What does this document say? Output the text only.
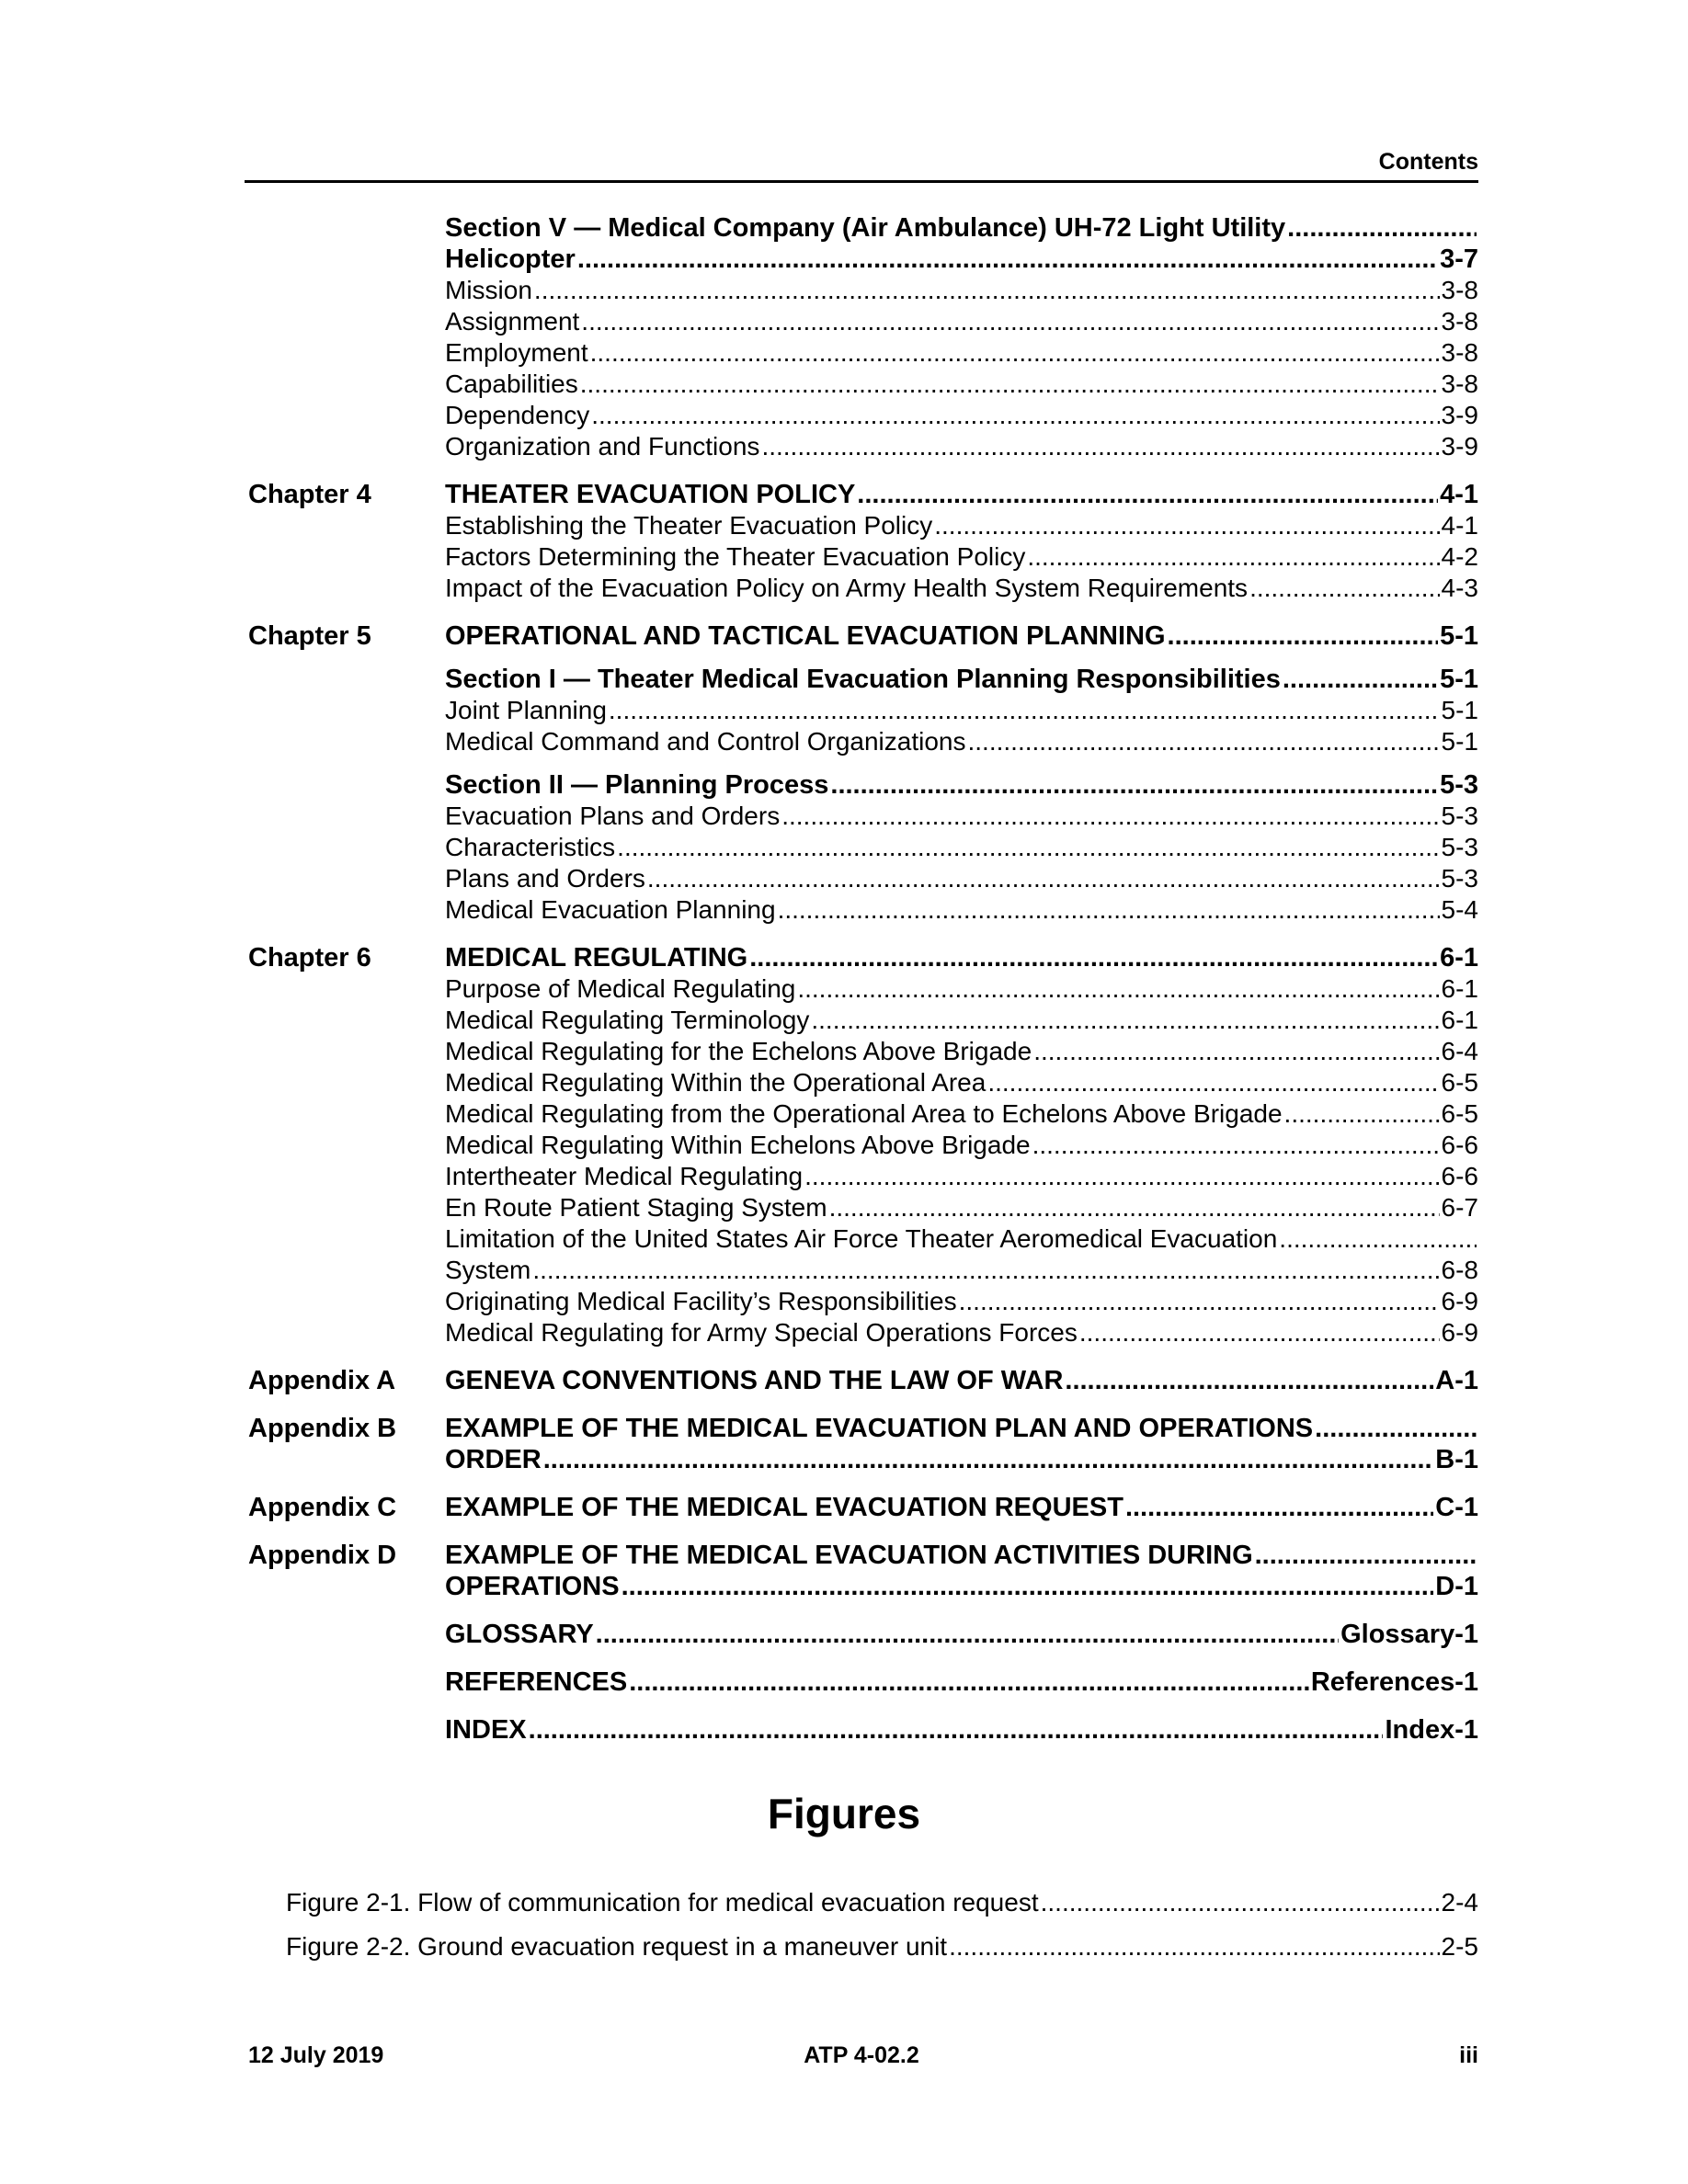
Contents
Section V — Medical Company (Air Ambulance) UH-72 Light Utility
.....
Helicopter .....	3-7
Mission .....	3-8
Assignment .....	3-8
Employment .....	3-8
Capabilities .....	3-8
Dependency .....	3-9
Organization and Functions .....	3-9
Chapter 4	THEATER EVACUATION POLICY .....	4-1
Establishing the Theater Evacuation Policy .....	4-1
Factors Determining the Theater Evacuation Policy .....	4-2
Impact of the Evacuation Policy on Army Health System Requirements .....	4-3
Chapter 5	OPERATIONAL AND TACTICAL EVACUATION PLANNING .....	5-1
Section I — Theater Medical Evacuation Planning Responsibilities .....	5-1
Joint Planning .....	5-1
Medical Command and Control Organizations .....	5-1
Section II — Planning Process .....	5-3
Evacuation Plans and Orders .....	5-3
Characteristics .....	5-3
Plans and Orders .....	5-3
Medical Evacuation Planning .....	5-4
Chapter 6	MEDICAL REGULATING .....	6-1
Purpose of Medical Regulating .....	6-1
Medical Regulating Terminology .....	6-1
Medical Regulating for the Echelons Above Brigade .....	6-4
Medical Regulating Within the Operational Area .....	6-5
Medical Regulating from the Operational Area to Echelons Above Brigade .....	6-5
Medical Regulating Within Echelons Above Brigade .....	6-6
Intertheater Medical Regulating .....	6-6
En Route Patient Staging System .....	6-7
Limitation of the United States Air Force Theater Aeromedical Evacuation
.....
System .....	6-8
Originating Medical Facility’s Responsibilities .....	6-9
Medical Regulating for Army Special Operations Forces .....	6-9
Appendix A GENEVA CONVENTIONS AND THE LAW OF WAR .....	A-1
Appendix B EXAMPLE OF THE MEDICAL EVACUATION PLAN AND OPERATIONS
.....
ORDER .....	B-1
Appendix C EXAMPLE OF THE MEDICAL EVACUATION REQUEST .....	C-1
Appendix D EXAMPLE OF THE MEDICAL EVACUATION ACTIVITIES DURING
.....
OPERATIONS .....	D-1
GLOSSARY .....	Glossary-1
REFERENCES .....	References-1
INDEX .....	Index-1
Figures
Figure 2-1. Flow of communication for medical evacuation request .....	2-4
Figure 2-2. Ground evacuation request in a maneuver unit .....	2-5
12 July 2019	ATP 4-02.2	iii
